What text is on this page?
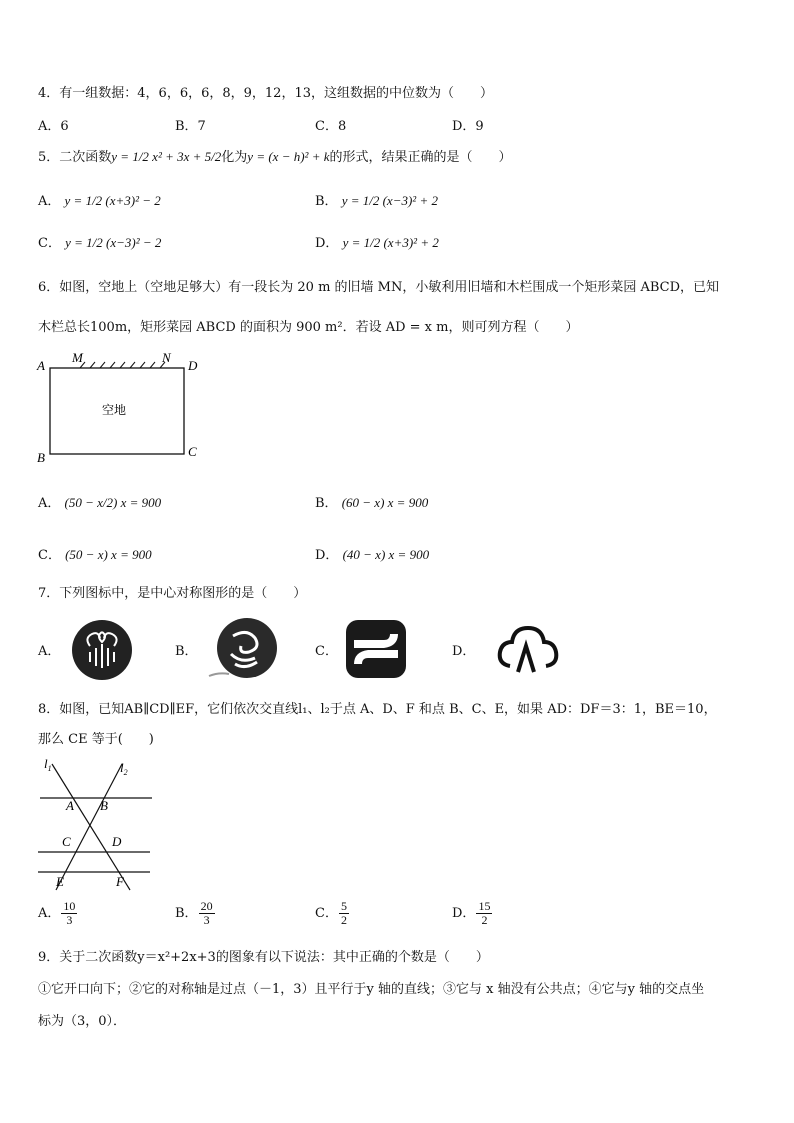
4．有一组数据：4，6，6，6，8，9，12，13，这组数据的中位数为（　　）
A．6	B．7	C．8	D．9
5．二次函数y = 1/2 x² + 3x + 5/2化为y = (x − h)² + k的形式，结果正确的是（　　）
A． y = 1/2 (x+3)² − 2	B． y = 1/2 (x−3)² + 2
C． y = 1/2 (x−3)² − 2	D． y = 1/2 (x+3)² + 2
6．如图，空地上（空地足够大）有一段长为 20 m 的旧墙 MN，小敏利用旧墙和木栏围成一个矩形菜园 ABCD，已知
木栏总长100m，矩形菜园 ABCD 的面积为 900 m²．若设 AD = x m，则可列方程（　　）
A
M	N
D
B	C
空地
A． (50 − x/2) x = 900	B． (60 − x) x = 900
C． (50 − x) x = 900	D． (40 − x) x = 900
7．下列图标中，是中心对称图形的是（　　）
A．	B．	C．	D．
8．如图，已知AB∥CD∥EF，它们依次交直线l₁、l₂于点 A、D、F 和点 B、C、E，如果 AD：DF＝3：1，BE＝10，
那么 CE 等于(　　)
$l_1$	$l_2$
A B
C	D
E	F
A． $\frac{10}{3}$	B． $\frac{20}{3}$	C． $\frac{5}{2}$	D． $\frac{15}{2}$
9．关于二次函数y＝x²+2x+3的图象有以下说法：其中正确的个数是（　　）
①它开口向下；②它的对称轴是过点（－1，3）且平行于y 轴的直线；③它与 x 轴没有公共点；④它与y 轴的交点坐
标为（3，0）．
